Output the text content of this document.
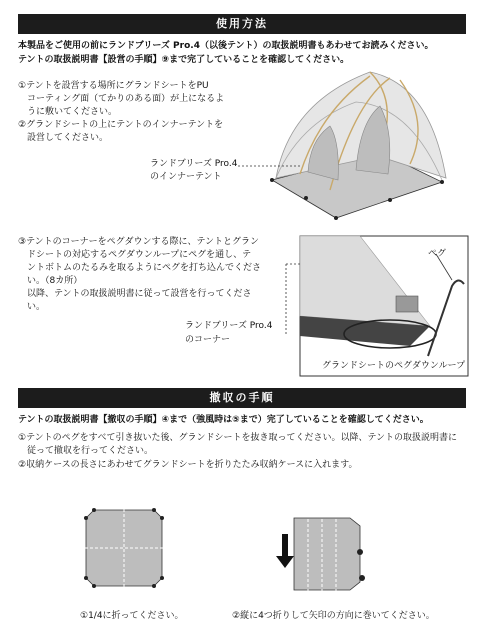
使用方法
本製品をご使用の前にランドブリーズ Pro.4（以後テント）の取扱説明書もあわせてお読みください。
テントの取扱説明書【設営の手順】⑨まで完了していることを確認してください。
①テントを設営する場所にグランドシートをPU
　コーティング面（てかりのある面）が上になるよ
　うに敷いてください。
②グランドシートの上にテントのインナーテントを
　設営してください。
ランドブリーズ Pro.4
のインナーテント
③テントのコーナーをペグダウンする際に、テントとグラン
　ドシートの対応するペグダウンループにペグを通し、テ
　ントボトムのたるみを取るようにペグを打ち込んでくださ
　い。（8カ所）
　以降、テントの取扱説明書に従って設営を行ってくださ
　い。
ランドブリーズ Pro.4
のコーナー
ペグ
グランドシートのペグダウンループ
撤収の手順
テントの取扱説明書【撤収の手順】④まで（強風時は⑤まで）完了していることを確認してください。
①テントのペグをすべて引き抜いた後、グランドシートを抜き取ってください。以降、テントの取扱説明書に
　従って撤収を行ってください。
②収納ケースの長さにあわせてグランドシートを折りたたみ収納ケースに入れます。
①1/4に折ってください。	②縦に4つ折りして矢印の方向に巻いてください。
